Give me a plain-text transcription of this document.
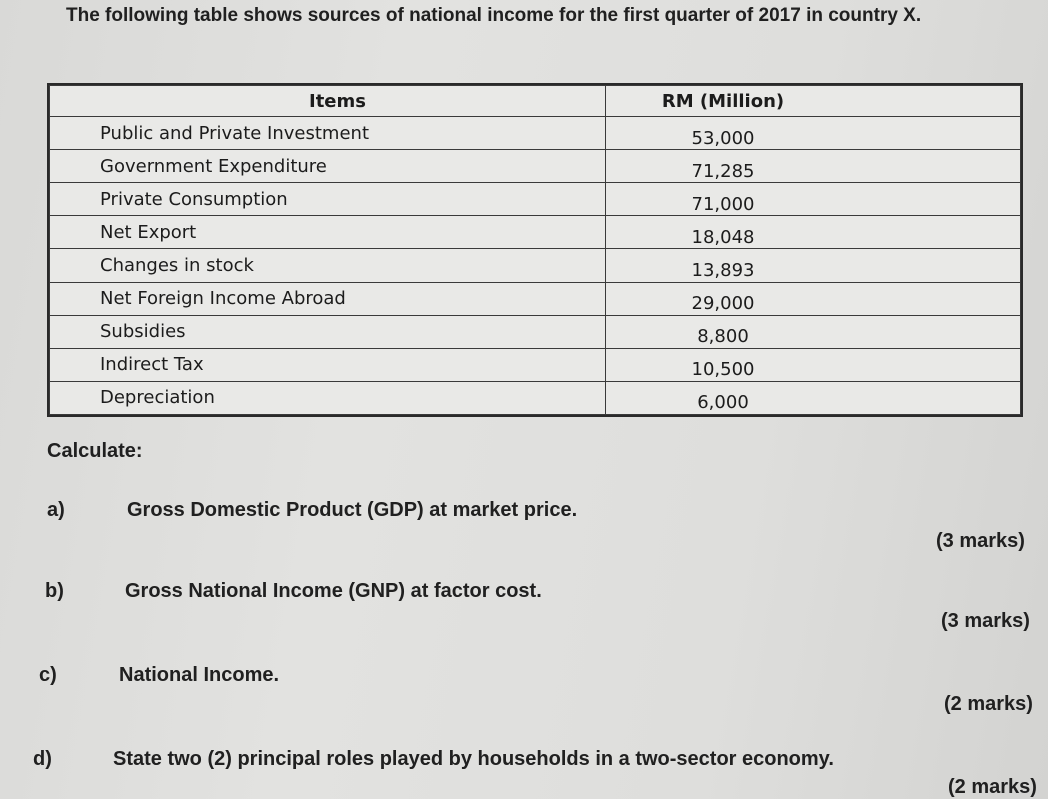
The following table shows sources of national income for the first quarter of 2017 in country X.
Items	RM (Million)
Public and Private Investment	53,000
Government Expenditure	71,285
Private Consumption	71,000
Net Export	18,048
Changes in stock	13,893
Net Foreign Income Abroad	29,000
Subsidies	8,800
Indirect Tax	10,500
Depreciation	6,000
Calculate:
a)	Gross Domestic Product (GDP) at market price.
(3 marks)
b)	Gross National Income (GNP) at factor cost.
(3 marks)
c)	National Income.
(2 marks)
d)	State two (2) principal roles played by households in a two-sector economy.
(2 marks)
